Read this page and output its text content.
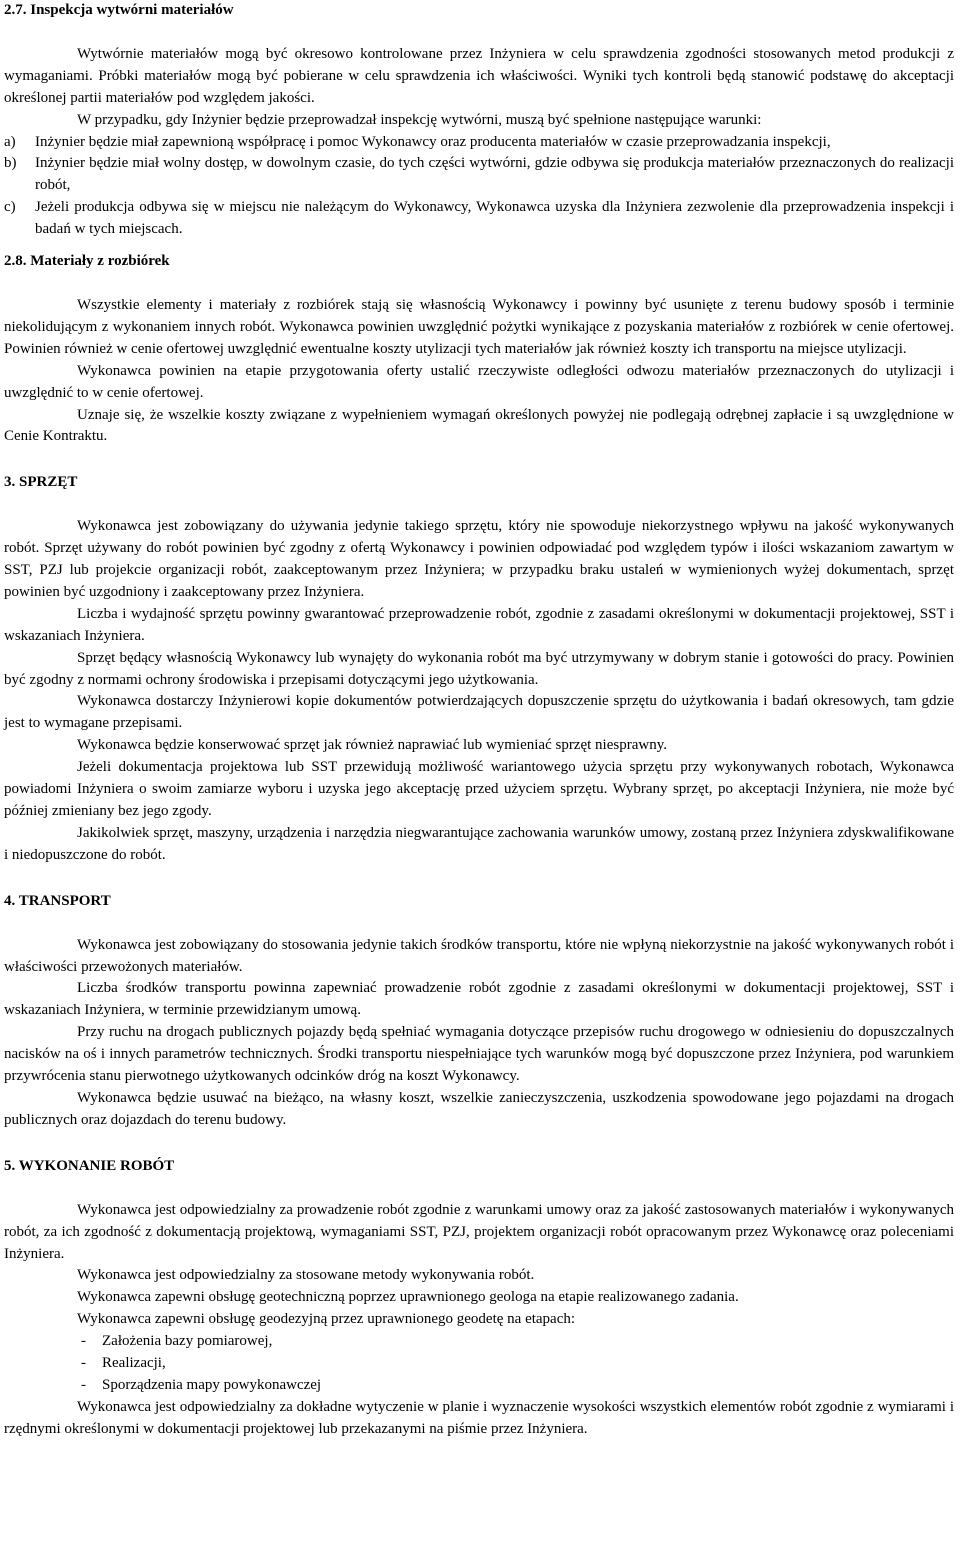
2.7. Inspekcja wytwórni materiałów

Wytwórnie materiałów mogą być okresowo kontrolowane przez Inżyniera w celu sprawdzenia zgodności stosowanych metod produkcji z wymaganiami. Próbki materiałów mogą być pobierane w celu sprawdzenia ich właściwości. Wyniki tych kontroli będą stanowić podstawę do akceptacji określonej partii materiałów pod względem jakości.

W przypadku, gdy Inżynier będzie przeprowadzał inspekcję wytwórni, muszą być spełnione następujące warunki:

a)	Inżynier będzie miał zapewnioną współpracę i pomoc Wykonawcy oraz producenta materiałów w czasie przeprowadzania inspekcji,
b)	Inżynier będzie miał wolny dostęp, w dowolnym czasie, do tych części wytwórni, gdzie odbywa się produkcja materiałów przeznaczonych do realizacji robót,
c)	Jeżeli produkcja odbywa się w miejscu nie należącym do Wykonawcy, Wykonawca uzyska dla Inżyniera zezwolenie dla przeprowadzenia inspekcji i badań w tych miejscach.
2.8. Materiały z rozbiórek

Wszystkie elementy i materiały z rozbiórek stają się własnością Wykonawcy i powinny być usunięte z terenu budowy sposób i terminie niekolidującym z wykonaniem innych robót. Wykonawca powinien uwzględnić pożytki wynikające z pozyskania materiałów z rozbiórek w cenie ofertowej. Powinien również w cenie ofertowej uwzględnić ewentualne koszty utylizacji tych materiałów jak również koszty ich transportu na miejsce utylizacji.

Wykonawca powinien na etapie przygotowania oferty ustalić rzeczywiste odległości odwozu materiałów przeznaczonych do utylizacji i uwzględnić to w cenie ofertowej.

Uznaje się, że wszelkie koszty związane z wypełnieniem wymagań określonych powyżej nie podlegają odrębnej zapłacie i są uwzględnione w Cenie Kontraktu.

3. SPRZĘT

Wykonawca jest zobowiązany do używania jedynie takiego sprzętu, który nie spowoduje niekorzystnego wpływu na jakość wykonywanych robót. Sprzęt używany do robót powinien być zgodny z ofertą Wykonawcy i powinien odpowiadać pod względem typów i ilości wskazaniom zawartym w SST, PZJ lub projekcie organizacji robót, zaakceptowanym przez Inżyniera; w przypadku braku ustaleń w wymienionych wyżej dokumentach, sprzęt powinien być uzgodniony i zaakceptowany przez Inżyniera.

Liczba i wydajność sprzętu powinny gwarantować przeprowadzenie robót, zgodnie z zasadami określonymi w dokumentacji projektowej, SST i wskazaniach Inżyniera.

Sprzęt będący własnością Wykonawcy lub wynajęty do wykonania robót ma być utrzymywany w dobrym stanie i gotowości do pracy. Powinien być zgodny z normami ochrony środowiska i przepisami dotyczącymi jego użytkowania.

Wykonawca dostarczy Inżynierowi kopie dokumentów potwierdzających dopuszczenie sprzętu do użytkowania i badań okresowych, tam gdzie jest to wymagane przepisami.

Wykonawca będzie konserwować sprzęt jak również naprawiać lub wymieniać sprzęt niesprawny.

Jeżeli dokumentacja projektowa lub SST przewidują możliwość wariantowego użycia sprzętu przy wykonywanych robotach, Wykonawca powiadomi Inżyniera o swoim zamiarze wyboru i uzyska jego akceptację przed użyciem sprzętu. Wybrany sprzęt, po akceptacji Inżyniera, nie może być później zmieniany bez jego zgody.

Jakikolwiek sprzęt, maszyny, urządzenia i narzędzia niegwarantujące zachowania warunków umowy, zostaną przez Inżyniera zdyskwalifikowane i niedopuszczone do robót.

4. TRANSPORT

Wykonawca jest zobowiązany do stosowania jedynie takich środków transportu, które nie wpłyną niekorzystnie na jakość wykonywanych robót i właściwości przewożonych materiałów.

Liczba środków transportu powinna zapewniać prowadzenie robót zgodnie z zasadami określonymi w dokumentacji projektowej, SST i wskazaniach Inżyniera, w terminie przewidzianym umową.

Przy ruchu na drogach publicznych pojazdy będą spełniać wymagania dotyczące przepisów ruchu drogowego w odniesieniu do dopuszczalnych nacisków na oś i innych parametrów technicznych. Środki transportu niespełniające tych warunków mogą być dopuszczone przez Inżyniera, pod warunkiem przywrócenia stanu pierwotnego użytkowanych odcinków dróg na koszt Wykonawcy.

Wykonawca będzie usuwać na bieżąco, na własny koszt, wszelkie zanieczyszczenia, uszkodzenia spowodowane jego pojazdami na drogach publicznych oraz dojazdach do terenu budowy.

5. WYKONANIE ROBÓT

Wykonawca jest odpowiedzialny za prowadzenie robót zgodnie z warunkami umowy oraz za jakość zastosowanych materiałów i wykonywanych robót, za ich zgodność z dokumentacją projektową, wymaganiami SST, PZJ, projektem organizacji robót opracowanym przez Wykonawcę oraz poleceniami Inżyniera.

Wykonawca jest odpowiedzialny za stosowane metody wykonywania robót.

Wykonawca zapewni obsługę geotechniczną poprzez uprawnionego geologa na etapie realizowanego zadania.

Wykonawca zapewni obsługę geodezyjną przez uprawnionego geodetę na etapach:

-	Założenia bazy pomiarowej,
-	Realizacji,
-	Sporządzenia mapy powykonawczej

Wykonawca jest odpowiedzialny za dokładne wytyczenie w planie i wyznaczenie wysokości wszystkich elementów robót zgodnie z wymiarami i rzędnymi określonymi w dokumentacji projektowej lub przekazanymi na piśmie przez Inżyniera.
